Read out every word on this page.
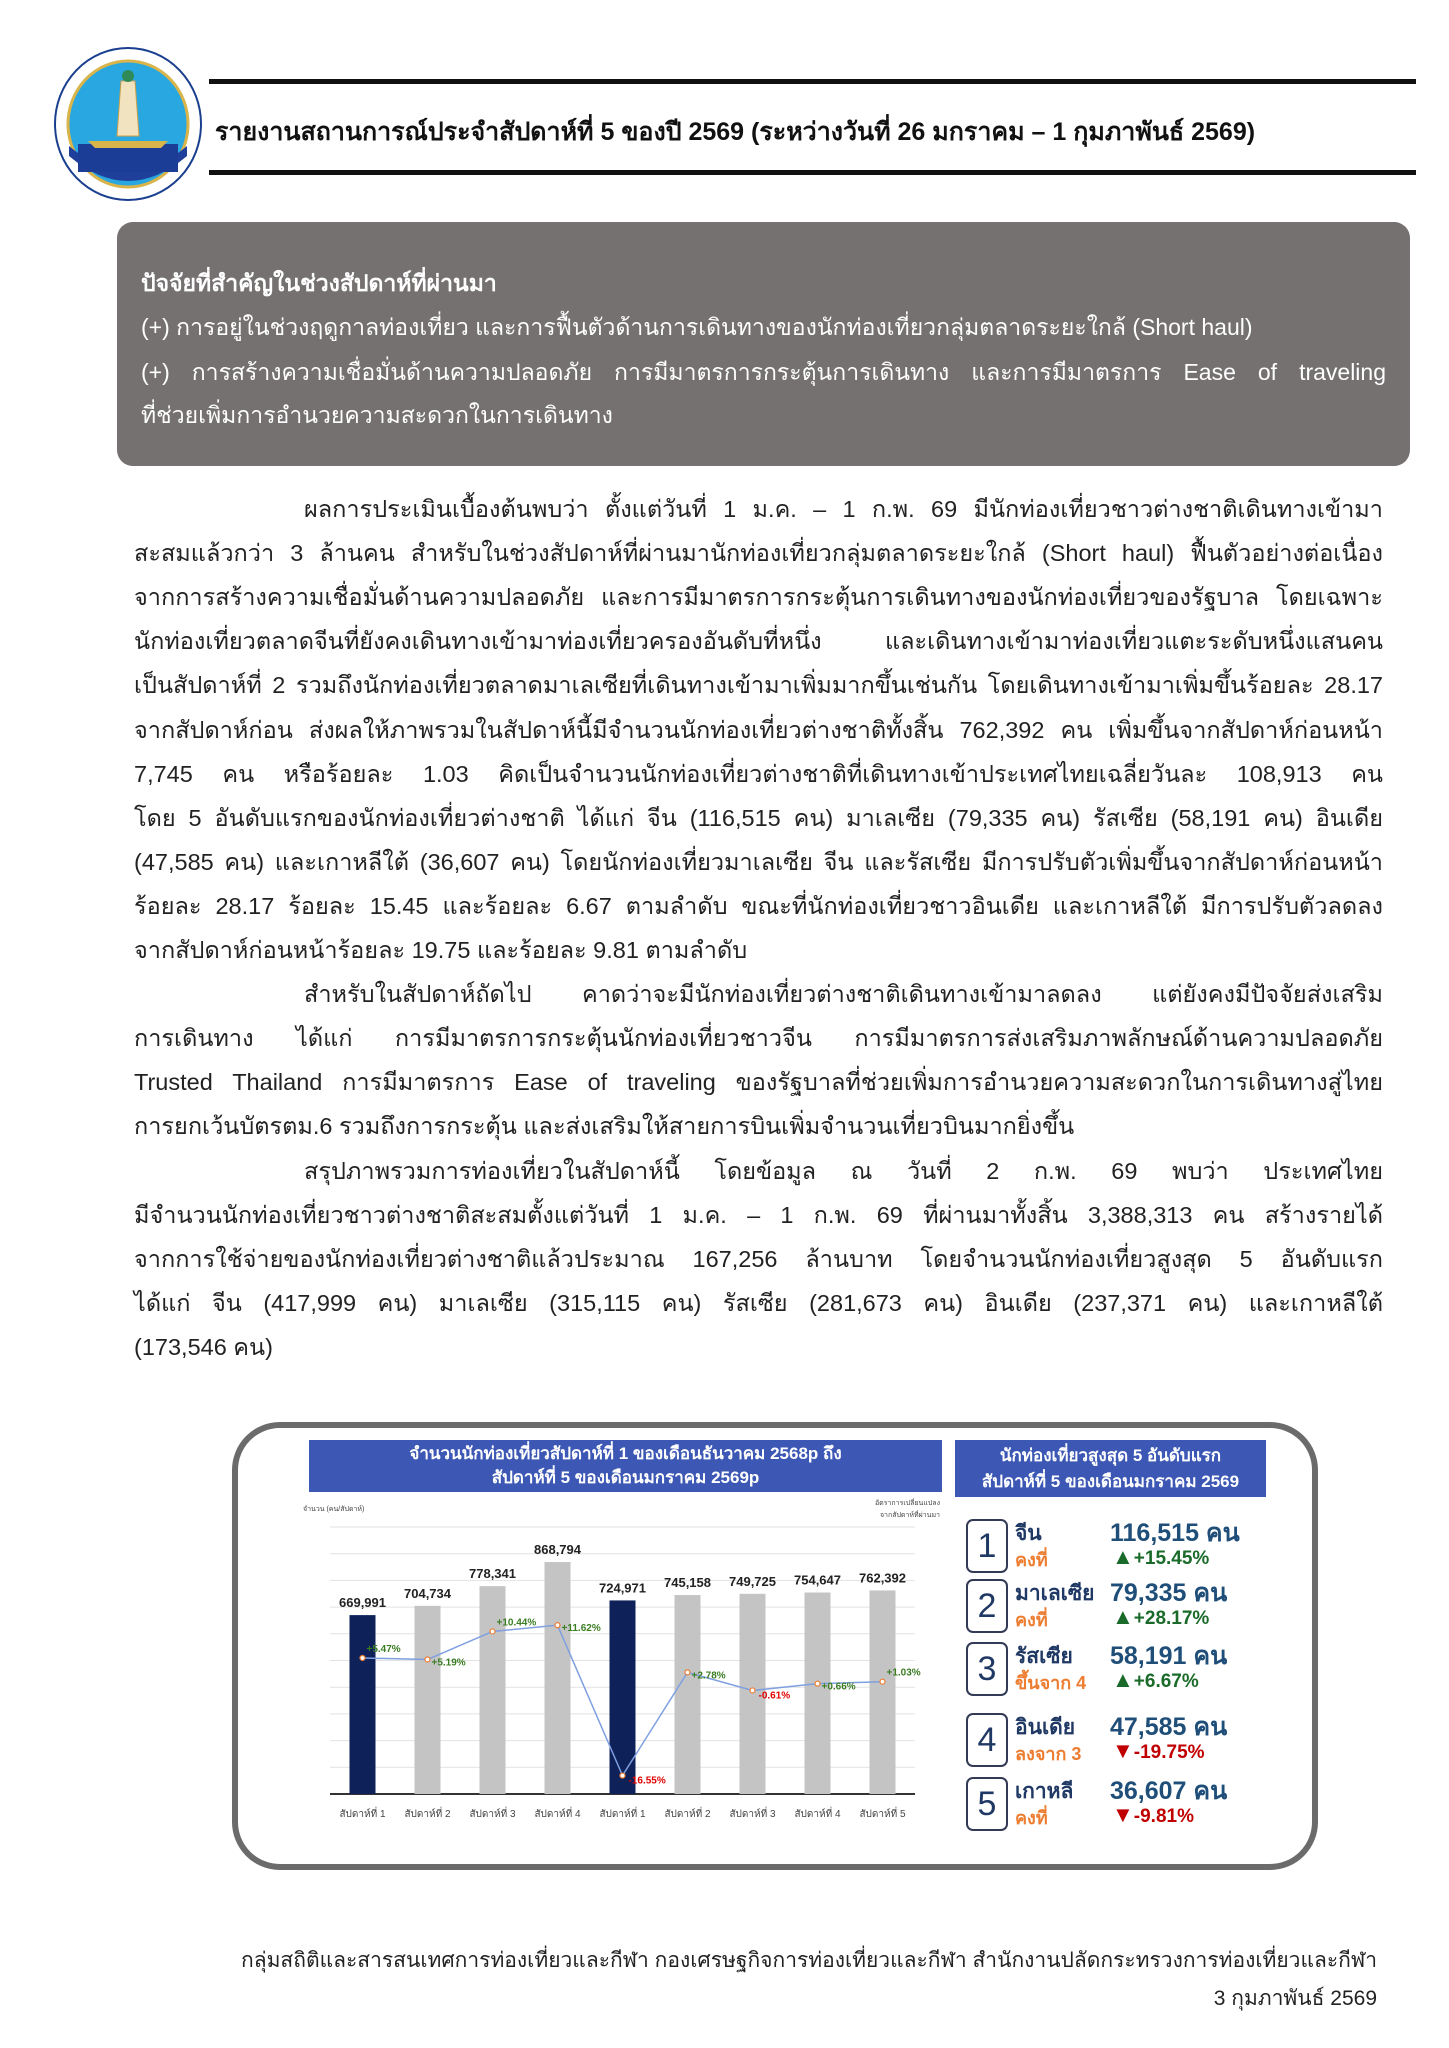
รายงานสถานการณ์ประจำสัปดาห์ที่ 5 ของปี 2569 (ระหว่างวันที่ 26 มกราคม – 1 กุมภาพันธ์ 2569)
ปัจจัยที่สำคัญในช่วงสัปดาห์ที่ผ่านมา
(+) การอยู่ในช่วงฤดูกาลท่องเที่ยว และการฟื้นตัวด้านการเดินทางของนักท่องเที่ยวกลุ่มตลาดระยะใกล้ (Short haul)
(+) การสร้างความเชื่อมั่นด้านความปลอดภัย การมีมาตรการกระตุ้นการเดินทาง และการมีมาตรการ Ease of traveling
ที่ช่วยเพิ่มการอำนวยความสะดวกในการเดินทาง
ผลการประเมินเบื้องต้นพบว่า ตั้งแต่วันที่ 1 ม.ค. – 1 ก.พ. 69 มีนักท่องเที่ยวชาวต่างชาติเดินทางเข้ามา
สะสมแล้วกว่า 3 ล้านคน สำหรับในช่วงสัปดาห์ที่ผ่านมานักท่องเที่ยวกลุ่มตลาดระยะใกล้ (Short haul) ฟื้นตัวอย่างต่อเนื่อง
จากการสร้างความเชื่อมั่นด้านความปลอดภัย และการมีมาตรการกระตุ้นการเดินทางของนักท่องเที่ยวของรัฐบาล โดยเฉพาะ
นักท่องเที่ยวตลาดจีนที่ยังคงเดินทางเข้ามาท่องเที่ยวครองอันดับที่หนึ่ง และเดินทางเข้ามาท่องเที่ยวแตะระดับหนึ่งแสนคน
เป็นสัปดาห์ที่ 2 รวมถึงนักท่องเที่ยวตลาดมาเลเซียที่เดินทางเข้ามาเพิ่มมากขึ้นเช่นกัน โดยเดินทางเข้ามาเพิ่มขึ้นร้อยละ 28.17
จากสัปดาห์ก่อน ส่งผลให้ภาพรวมในสัปดาห์นี้มีจำนวนนักท่องเที่ยวต่างชาติทั้งสิ้น 762,392 คน เพิ่มขึ้นจากสัปดาห์ก่อนหน้า
7,745 คน หรือร้อยละ 1.03 คิดเป็นจำนวนนักท่องเที่ยวต่างชาติที่เดินทางเข้าประเทศไทยเฉลี่ยวันละ 108,913 คน
โดย 5 อันดับแรกของนักท่องเที่ยวต่างชาติ ได้แก่ จีน (116,515 คน) มาเลเซีย (79,335 คน) รัสเซีย (58,191 คน) อินเดีย
(47,585 คน) และเกาหลีใต้ (36,607 คน) โดยนักท่องเที่ยวมาเลเซีย จีน และรัสเซีย มีการปรับตัวเพิ่มขึ้นจากสัปดาห์ก่อนหน้า
ร้อยละ 28.17 ร้อยละ 15.45 และร้อยละ 6.67 ตามลำดับ ขณะที่นักท่องเที่ยวชาวอินเดีย และเกาหลีใต้ มีการปรับตัวลดลง
จากสัปดาห์ก่อนหน้าร้อยละ 19.75 และร้อยละ 9.81 ตามลำดับ
สำหรับในสัปดาห์ถัดไป คาดว่าจะมีนักท่องเที่ยวต่างชาติเดินทางเข้ามาลดลง แต่ยังคงมีปัจจัยส่งเสริม
การเดินทาง ได้แก่ การมีมาตรการกระตุ้นนักท่องเที่ยวชาวจีน การมีมาตรการส่งเสริมภาพลักษณ์ด้านความปลอดภัย
Trusted Thailand การมีมาตรการ Ease of traveling ของรัฐบาลที่ช่วยเพิ่มการอำนวยความสะดวกในการเดินทางสู่ไทย
การยกเว้นบัตรตม.6 รวมถึงการกระตุ้น และส่งเสริมให้สายการบินเพิ่มจำนวนเที่ยวบินมากยิ่งขึ้น
สรุปภาพรวมการท่องเที่ยวในสัปดาห์นี้ โดยข้อมูล ณ วันที่ 2 ก.พ. 69 พบว่า ประเทศไทย
มีจำนวนนักท่องเที่ยวชาวต่างชาติสะสมตั้งแต่วันที่ 1 ม.ค. – 1 ก.พ. 69 ที่ผ่านมาทั้งสิ้น 3,388,313 คน สร้างรายได้
จากการใช้จ่ายของนักท่องเที่ยวต่างชาติแล้วประมาณ 167,256 ล้านบาท โดยจำนวนนักท่องเที่ยวสูงสุด 5 อันดับแรก
ได้แก่ จีน (417,999 คน) มาเลเซีย (315,115 คน) รัสเซีย (281,673 คน) อินเดีย (237,371 คน) และเกาหลีใต้
(173,546 คน)
จำนวนนักท่องเที่ยวสัปดาห์ที่ 1 ของเดือนธันวาคม 2568p ถึง
สัปดาห์ที่ 5 ของเดือนมกราคม 2569p
จำนวน (คน/สัปดาห์)
อัตราการเปลี่ยนแปลง
จากสัปดาห์ที่ผ่านมา
669,991
สัปดาห์ที่ 1
704,734
สัปดาห์ที่ 2
778,341
สัปดาห์ที่ 3
868,794
สัปดาห์ที่ 4
724,971
สัปดาห์ที่ 1
745,158
สัปดาห์ที่ 2
749,725
สัปดาห์ที่ 3
754,647
สัปดาห์ที่ 4
762,392
สัปดาห์ที่ 5
+5.47%
+5.19%
+10.44%
+11.62%
-16.55%
+2.78%
-0.61%
+0.66%
+1.03%
นักท่องเที่ยวสูงสุด 5 อันดับแรก
สัปดาห์ที่ 5 ของเดือนมกราคม 2569
1 จีน
คงที่
116,515 คน
▲+15.45%
2 มาเลเซีย
คงที่
79,335 คน
▲+28.17%
3 รัสเซีย
ขึ้นจาก 4
58,191 คน
▲+6.67%
4 อินเดีย
ลงจาก 3
47,585 คน
▼-19.75%
5 เกาหลี
คงที่
36,607 คน
▼-9.81%
กลุ่มสถิติและสารสนเทศการท่องเที่ยวและกีฬา กองเศรษฐกิจการท่องเที่ยวและกีฬา สำนักงานปลัดกระทรวงการท่องเที่ยวและกีฬา
3 กุมภาพันธ์ 2569
